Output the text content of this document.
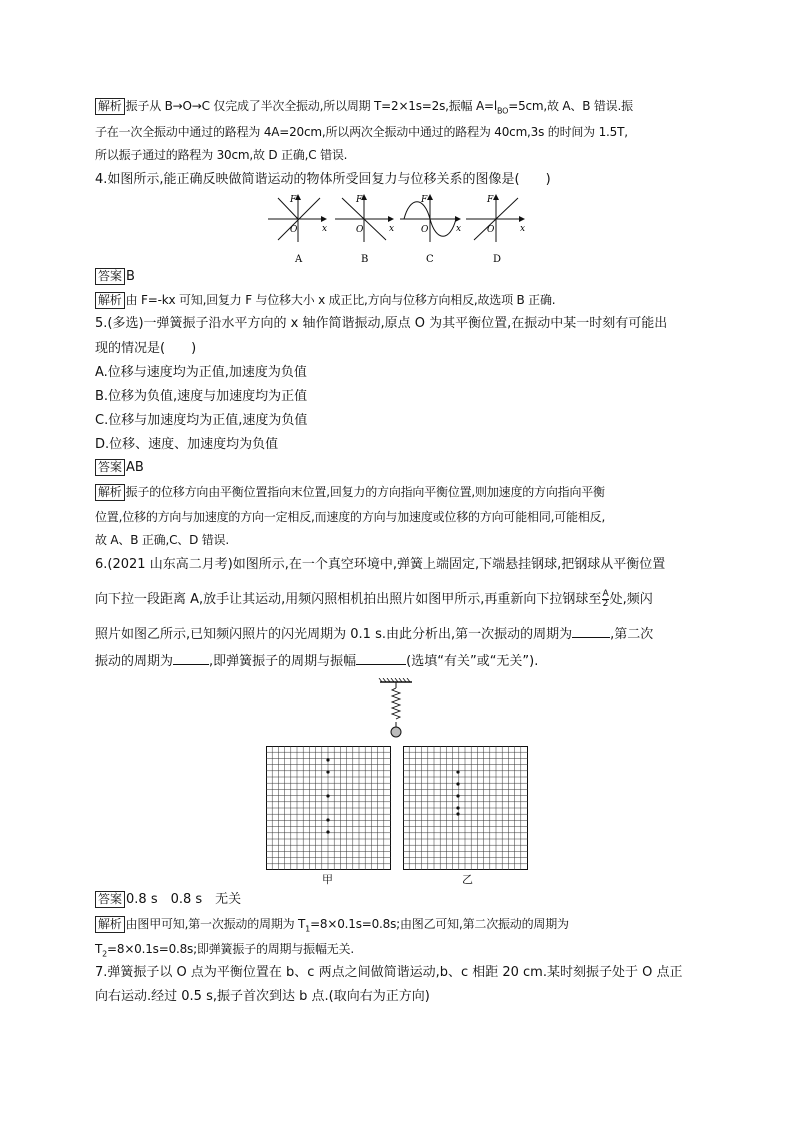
解析 振子从 B→O→C 仅完成了半次全振动,所以周期 T=2×1s=2s,振幅 $A=l_{BO}=5cm$,故 A、B 错误.振
子在一次全振动中通过的路程为 4A=20cm,所以两次全振动中通过的路程为 40cm,3s 的时间为 1.5T,
所以振子通过的路程为 30cm,故 D 正确,C 错误.
4.如图所示,能正确反映做简谐运动的物体所受回复力与位移关系的图像是(　　)
F
O	x
A
F
O	x
B
F
O	x
C
F
O	x
D
答案 B
解析 由 F=-kx 可知,回复力 F 与位移大小 x 成正比,方向与位移方向相反,故选项 B 正确.
5.(多选)一弹簧振子沿水平方向的 x 轴作简谐振动,原点 O 为其平衡位置,在振动中某一时刻有可能出
现的情况是(　　)
A.位移与速度均为正值,加速度为负值
B.位移为负值,速度与加速度均为正值
C.位移与加速度均为正值,速度为负值
D.位移、速度、加速度均为负值
答案 AB
解析 振子的位移方向由平衡位置指向末位置,回复力的方向指向平衡位置,则加速度的方向指向平衡
位置,位移的方向与加速度的方向一定相反,而速度的方向与加速度或位移的方向可能相同,可能相反,
故 A、B 正确,C、D 错误.
6.(2021 山东高二月考)如图所示,在一个真空环境中,弹簧上端固定,下端悬挂钢球,把钢球从平衡位置
向下拉一段距离 A,放手让其运动,用频闪照相机拍出照片如图甲所示,再重新向下拉钢球至 $\frac{A}{2}$ 处,频闪
照片如图乙所示,已知频闪照片的闪光周期为 0.1 s.由此分析出,第一次振动的周期为	,第二次
振动的周期为	,即弹簧振子的周期与振幅	(选填“有关”或“无关”).
甲	乙
答案 0.8 s　0.8 s　无关
解析 由图甲可知,第一次振动的周期为 $T_1=8\times 0.1s=0.8s$;由图乙可知,第二次振动的周期为
$T_2=8\times 0.1s=0.8s$;即弹簧振子的周期与振幅无关.
7.弹簧振子以 O 点为平衡位置在 b、c 两点之间做简谐运动,b、c 相距 20 cm.某时刻振子处于 O 点正
向右运动.经过 0.5 s,振子首次到达 b 点.(取向右为正方向)
